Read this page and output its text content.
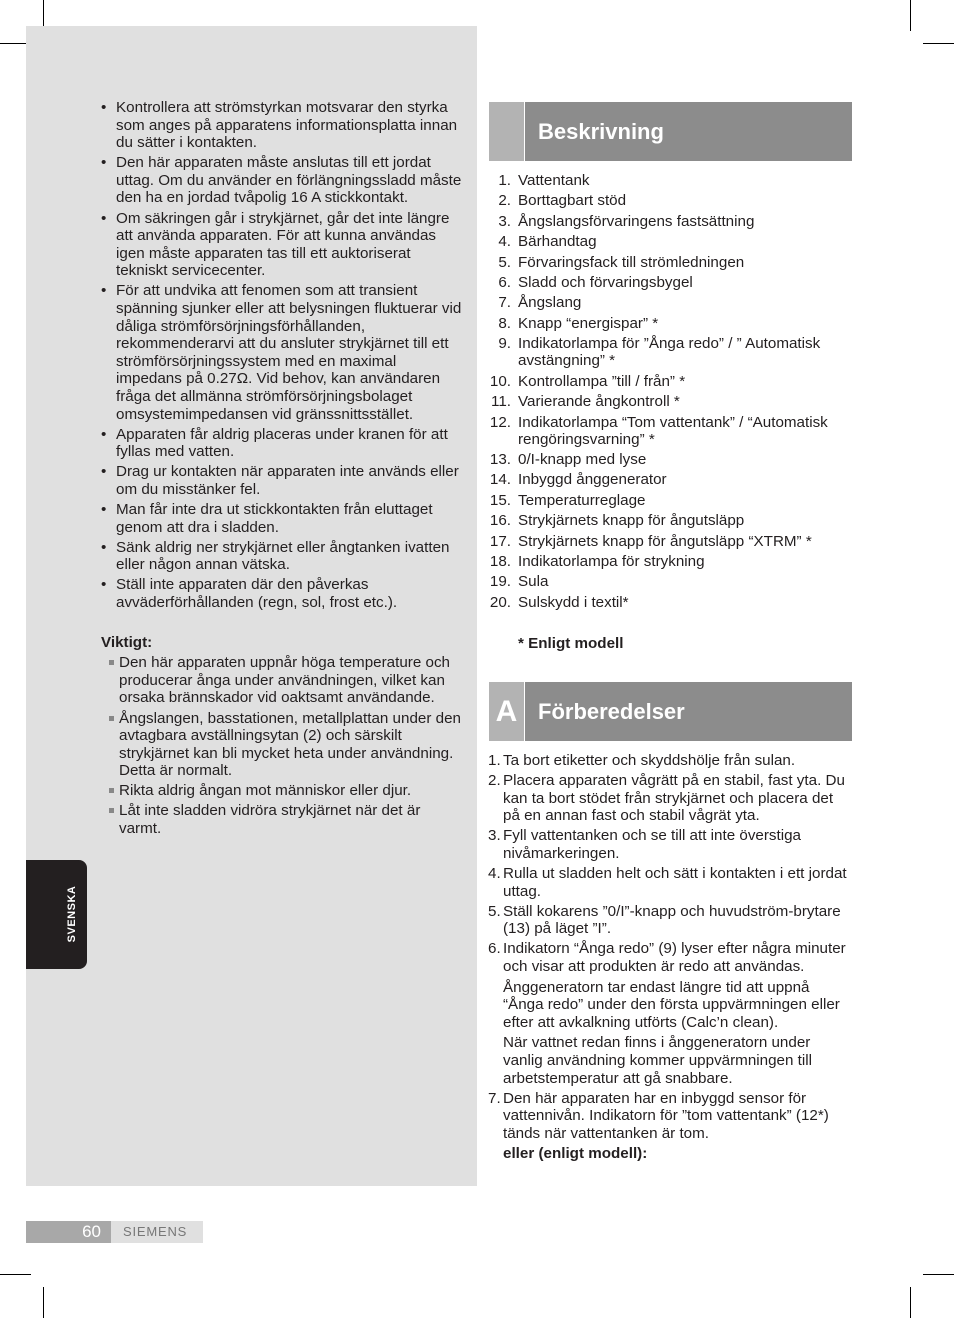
SVENSKA
• Kontrollera att strömstyrkan motsvarar den styrka som anges på apparatens informationsplatta innan du sätter i kontakten.
• Den här apparaten måste anslutas till ett jordat uttag. Om du använder en förlängningssladd måste den ha en jordad tvåpolig 16 A stickkontakt.
• Om säkringen går i strykjärnet, går det inte längre att använda apparaten. För att kunna användas igen måste apparaten tas till ett auktoriserat tekniskt servicecenter.
• För att undvika att fenomen som att transient spänning sjunker eller att belysningen fluktuerar vid dåliga strömförsörjningsförhållanden, rekommenderarvi att du ansluter strykjärnet till ett strömförsörjningssystem med en maximal impedans på 0.27Ω. Vid behov, kan användaren fråga det allmänna strömförsörjningsbolaget omsystemimpedansen vid gränssnittsstället.
• Apparaten får aldrig placeras under kranen för att fyllas med vatten.
• Drag ur kontakten när apparaten inte används eller om du misstänker fel.
• Man får inte dra ut stickkontakten från eluttaget genom att dra i sladden.
• Sänk aldrig ner strykjärnet eller ångtanken ivatten eller någon annan vätska.
• Ställ inte apparaten där den påverkas avväderförhållanden (regn, sol, frost etc.).
Viktigt:
Den här apparaten uppnår höga temperature och producerar ånga under användningen, vilket kan orsaka brännskador vid oaktsamt användande.
Ångslangen, basstationen, metallplattan under den avtagbara avställningsytan (2) och särskilt strykjärnet kan bli mycket heta under användning. Detta är normalt.
Rikta aldrig ångan mot människor eller djur.
Låt inte sladden vidröra strykjärnet när det är varmt.
Beskrivning
1. Vattentank
2. Borttagbart stöd
3. Ångslangsförvaringens fastsättning
4. Bärhandtag
5. Förvaringsfack till strömledningen
6. Sladd och förvaringsbygel
7. Ångslang
8. Knapp “energispar” *
9. Indikatorlampa för ”Ånga redo” / ” Automatisk avstängning” *
10. Kontrollampa ”till / från” *
11. Varierande ångkontroll *
12. Indikatorlampa “Tom vattentank” / “Automatisk rengöringsvarning” *
13. 0/I-knapp med lyse
14. Inbyggd ånggenerator
15. Temperaturreglage
16. Strykjärnets knapp för ångutsläpp
17. Strykjärnets knapp för ångutsläpp “XTRM” *
18. Indikatorlampa för strykning
19. Sula
20. Sulskydd i textil*
* Enligt modell
A Förberedelser
1. Ta bort etiketter och skyddshölje från sulan.
2. Placera apparaten vågrätt på en stabil, fast yta. Du kan ta bort stödet från strykjärnet och placera det på en annan fast och stabil vågrät yta.
3. Fyll vattentanken och se till att inte överstiga nivåmarkeringen.
4. Rulla ut sladden helt och sätt i kontakten i ett jordat uttag.
5. Ställ kokarens ”0/I”-knapp och huvudström-brytare (13) på läget ”I”.
6. Indikatorn “Ånga redo” (9) lyser efter några minuter och visar att produkten är redo att användas.
Ånggeneratorn tar endast längre tid att uppnå “Ånga redo” under den första uppvärmningen eller efter att avkalkning utförts (Calc’n clean).
När vattnet redan finns i ånggeneratorn under vanlig användning kommer uppvärmningen till arbetstemperatur att gå snabbare.
7. Den här apparaten har en inbyggd sensor för vattennivån. Indikatorn för ”tom vattentank” (12*) tänds när vattentanken är tom.
eller (enligt modell):
60	SIEMENS
